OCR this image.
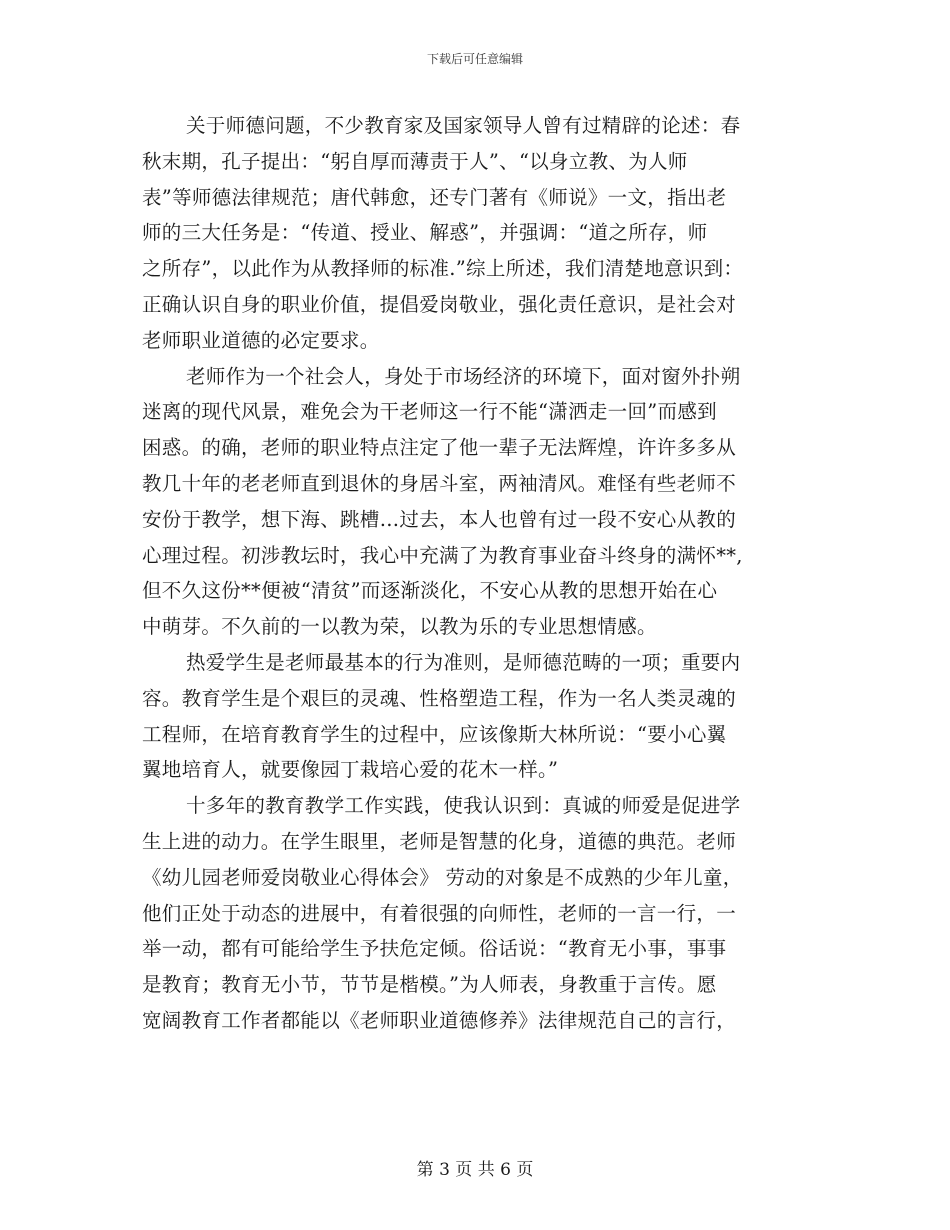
下载后可任意编辑
关于师德问题，不少教育家及国家领导人曾有过精辟的论述：春
秋末期，孔子提出：“躬自厚而薄责于人”、“以身立教、为人师
表”等师德法律规范；唐代韩愈，还专门著有《师说》一文，指出老
师的三大任务是：“传道、授业、解惑”，并强调：“道之所存，师
之所存”，以此作为从教择师的标准.”综上所述，我们清楚地意识到：
正确认识自身的职业价值，提倡爱岗敬业，强化责任意识，是社会对
老师职业道德的必定要求。
老师作为一个社会人，身处于市场经济的环境下，面对窗外扑朔
迷离的现代风景，难免会为干老师这一行不能“潇洒走一回”而感到
困惑。的确，老师的职业特点注定了他一辈子无法辉煌，许许多多从
教几十年的老老师直到退休的身居斗室，两袖清风。难怪有些老师不
安份于教学，想下海、跳槽…过去，本人也曾有过一段不安心从教的
心理过程。初涉教坛时，我心中充满了为教育事业奋斗终身的满怀**,
但不久这份**便被“清贫”而逐渐淡化，不安心从教的思想开始在心
中萌芽。不久前的一以教为荣，以教为乐的专业思想情感。
热爱学生是老师最基本的行为准则，是师德范畴的一项；重要内
容。教育学生是个艰巨的灵魂、性格塑造工程，作为一名人类灵魂的
工程师，在培育教育学生的过程中，应该像斯大林所说：“要小心翼
翼地培育人，就要像园丁栽培心爱的花木一样。”
十多年的教育教学工作实践，使我认识到：真诚的师爱是促进学
生上进的动力。在学生眼里，老师是智慧的化身，道德的典范。老师
《幼儿园老师爱岗敬业心得体会》 劳动的对象是不成熟的少年儿童，
他们正处于动态的进展中，有着很强的向师性，老师的一言一行，一
举一动，都有可能给学生予扶危定倾。俗话说：“教育无小事，事事
是教育；教育无小节，节节是楷模。”为人师表，身教重于言传。愿
宽阔教育工作者都能以《老师职业道德修养》法律规范自己的言行，
第 3 页 共 6 页
